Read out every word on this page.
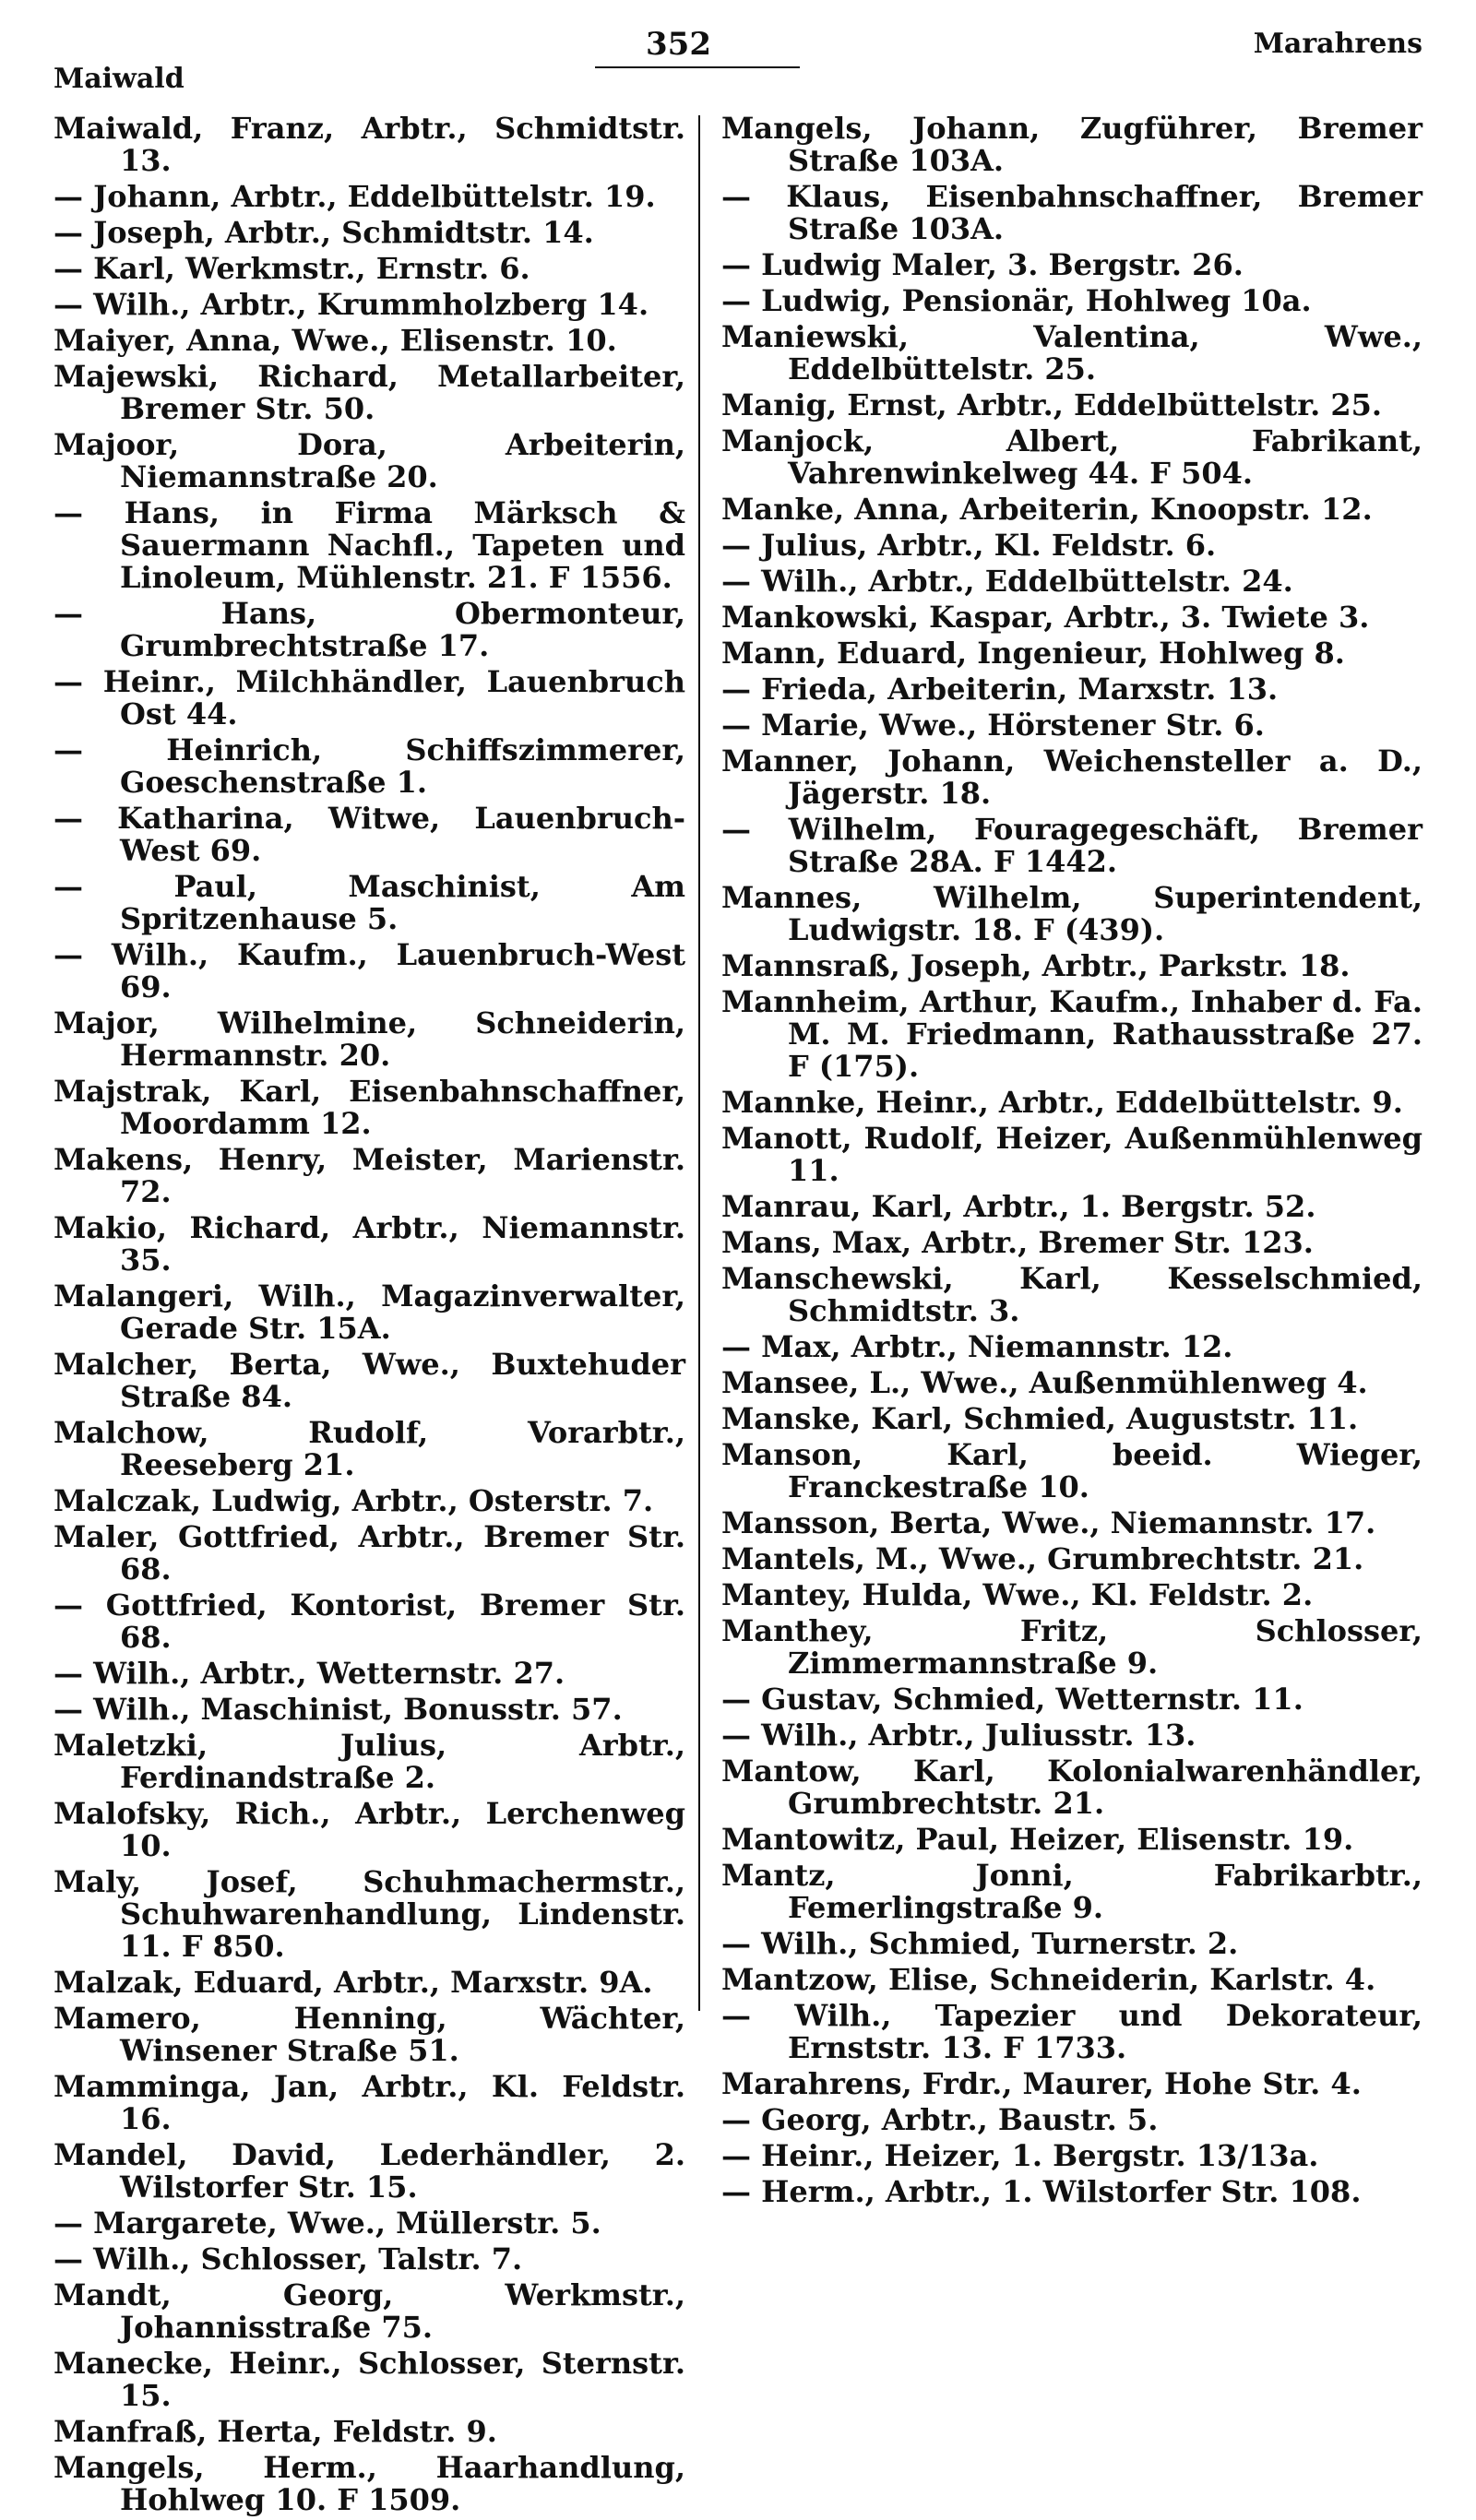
Maiwald
352	Marahrens
Maiwald, Franz, Arbtr., Schmidtstr. 13.
— Johann, Arbtr., Eddelbüttelstr. 19.
— Joseph, Arbtr., Schmidtstr. 14.
— Karl, Werkmstr., Ernstr. 6.
— Wilh., Arbtr., Krummholzberg 14.
Maiyer, Anna, Wwe., Elisenstr. 10.
Majewski, Richard, Metallarbeiter, Bremer Str. 50.
Majoor, Dora, Arbeiterin, Niemannstraße 20.
— Hans, in Firma Märksch & Sauermann Nachfl., Tapeten und Linoleum, Mühlenstr. 21. F 1556.
— Hans, Obermonteur, Grumbrechtstraße 17.
— Heinr., Milchhändler, Lauenbruch Ost 44.
— Heinrich, Schiffszimmerer, Goeschenstraße 1.
— Katharina, Witwe, Lauenbruch-West 69.
— Paul, Maschinist, Am Spritzenhause 5.
— Wilh., Kaufm., Lauenbruch-West 69.
Major, Wilhelmine, Schneiderin, Hermannstr. 20.
Majstrak, Karl, Eisenbahnschaffner, Moordamm 12.
Makens, Henry, Meister, Marienstr. 72.
Makio, Richard, Arbtr., Niemannstr. 35.
Malangeri, Wilh., Magazinverwalter, Gerade Str. 15A.
Malcher, Berta, Wwe., Buxtehuder Straße 84.
Malchow, Rudolf, Vorarbtr., Reeseberg 21.
Malczak, Ludwig, Arbtr., Osterstr. 7.
Maler, Gottfried, Arbtr., Bremer Str. 68.
— Gottfried, Kontorist, Bremer Str. 68.
— Wilh., Arbtr., Wetternstr. 27.
— Wilh., Maschinist, Bonusstr. 57.
Maletzki, Julius, Arbtr., Ferdinandstraße 2.
Malofsky, Rich., Arbtr., Lerchenweg 10.
Maly, Josef, Schuhmachermstr., Schuhwarenhandlung, Lindenstr. 11. F 850.
Malzak, Eduard, Arbtr., Marxstr. 9A.
Mamero, Henning, Wächter, Winsener Straße 51.
Mamminga, Jan, Arbtr., Kl. Feldstr. 16.
Mandel, David, Lederhändler, 2. Wilstorfer Str. 15.
— Margarete, Wwe., Müllerstr. 5.
— Wilh., Schlosser, Talstr. 7.
Mandt, Georg, Werkmstr., Johannisstraße 75.
Manecke, Heinr., Schlosser, Sternstr. 15.
Manfraß, Herta, Feldstr. 9.
Mangels, Herm., Haarhandlung, Hohlweg 10. F 1509.
Mangels, Johann, Zugführer, Bremer Straße 103A.
— Klaus, Eisenbahnschaffner, Bremer Straße 103A.
— Ludwig Maler, 3. Bergstr. 26.
— Ludwig, Pensionär, Hohlweg 10a.
Maniewski, Valentina, Wwe., Eddelbüttelstr. 25.
Manig, Ernst, Arbtr., Eddelbüttelstr. 25.
Manjock, Albert, Fabrikant, Vahrenwinkelweg 44. F 504.
Manke, Anna, Arbeiterin, Knoopstr. 12.
— Julius, Arbtr., Kl. Feldstr. 6.
— Wilh., Arbtr., Eddelbüttelstr. 24.
Mankowski, Kaspar, Arbtr., 3. Twiete 3.
Mann, Eduard, Ingenieur, Hohlweg 8.
— Frieda, Arbeiterin, Marxstr. 13.
— Marie, Wwe., Hörstener Str. 6.
Manner, Johann, Weichensteller a. D., Jägerstr. 18.
— Wilhelm, Fouragegeschäft, Bremer Straße 28A. F 1442.
Mannes, Wilhelm, Superintendent, Ludwigstr. 18. F (439).
Mannsraß, Joseph, Arbtr., Parkstr. 18.
Mannheim, Arthur, Kaufm., Inhaber d. Fa. M. M. Friedmann, Rathausstraße 27. F (175).
Mannke, Heinr., Arbtr., Eddelbüttelstr. 9.
Manott, Rudolf, Heizer, Außenmühlenweg 11.
Manrau, Karl, Arbtr., 1. Bergstr. 52.
Mans, Max, Arbtr., Bremer Str. 123.
Manschewski, Karl, Kesselschmied, Schmidtstr. 3.
— Max, Arbtr., Niemannstr. 12.
Mansee, L., Wwe., Außenmühlenweg 4.
Manske, Karl, Schmied, Auguststr. 11.
Manson, Karl, beeid. Wieger, Franckestraße 10.
Mansson, Berta, Wwe., Niemannstr. 17.
Mantels, M., Wwe., Grumbrechtstr. 21.
Mantey, Hulda, Wwe., Kl. Feldstr. 2.
Manthey, Fritz, Schlosser, Zimmermannstraße 9.
— Gustav, Schmied, Wetternstr. 11.
— Wilh., Arbtr., Juliusstr. 13.
Mantow, Karl, Kolonialwarenhändler, Grumbrechtstr. 21.
Mantowitz, Paul, Heizer, Elisenstr. 19.
Mantz, Jonni, Fabrikarbtr., Femerlingstraße 9.
— Wilh., Schmied, Turnerstr. 2.
Mantzow, Elise, Schneiderin, Karlstr. 4.
— Wilh., Tapezier und Dekorateur, Ernststr. 13. F 1733.
Marahrens, Frdr., Maurer, Hohe Str. 4.
— Georg, Arbtr., Baustr. 5.
— Heinr., Heizer, 1. Bergstr. 13/13a.
— Herm., Arbtr., 1. Wilstorfer Str. 108.
